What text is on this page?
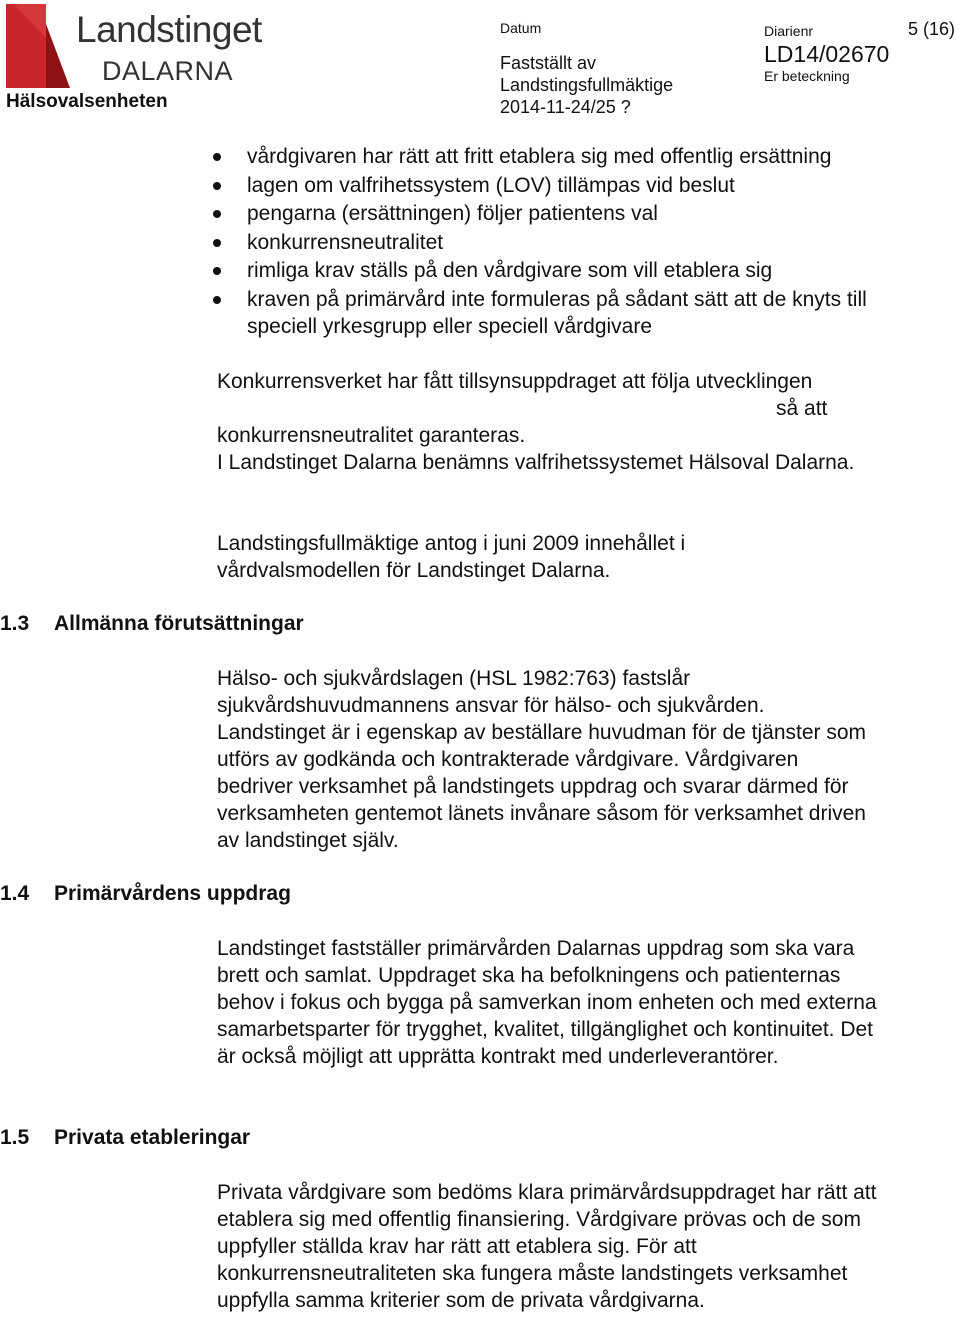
Landstinget
DALARNA
Hälsovalsenheten
Datum
Fastställt av
Landstingsfullmäktige
2014-11-24/25 ?
Diarienr
LD14/02670
Er beteckning
5 (16)
vårdgivaren har rätt att fritt etablera sig med offentlig ersättning
lagen om valfrihetssystem (LOV) tillämpas vid beslut
pengarna (ersättningen) följer patientens val
konkurrensneutralitet
rimliga krav ställs på den vårdgivare som vill etablera sig
kraven på primärvård inte formuleras på sådant sätt att de knyts till speciell yrkesgrupp eller speciell vårdgivare
Konkurrensverket har fått tillsynsuppdraget att följa utvecklingen
så att
konkurrensneutralitet garanteras.
I Landstinget Dalarna benämns valfrihetssystemet Hälsoval Dalarna.
Landstingsfullmäktige antog i juni 2009 innehållet i vårdvalsmodellen för Landstinget Dalarna.
1.3 Allmänna förutsättningar
Hälso- och sjukvårdslagen (HSL 1982:763) fastslår sjukvårdshuvudmannens ansvar för hälso- och sjukvården. Landstinget är i egenskap av beställare huvudman för de tjänster som utförs av godkända och kontrakterade vårdgivare. Vårdgivaren bedriver verksamhet på landstingets uppdrag och svarar därmed för verksamheten gentemot länets invånare såsom för verksamhet driven av landstinget själv.
1.4 Primärvårdens uppdrag
Landstinget fastställer primärvården Dalarnas uppdrag som ska vara brett och samlat. Uppdraget ska ha befolkningens och patienternas behov i fokus och bygga på samverkan inom enheten och med externa samarbetsparter för trygghet, kvalitet, tillgänglighet och kontinuitet. Det är också möjligt att upprätta kontrakt med underleverantörer.
1.5 Privata etableringar
Privata vårdgivare som bedöms klara primärvårdsuppdraget har rätt att etablera sig med offentlig finansiering. Vårdgivare prövas och de som uppfyller ställda krav har rätt att etablera sig. För att konkurrensneutraliteten ska fungera måste landstingets verksamhet uppfylla samma kriterier som de privata vårdgivarna.
